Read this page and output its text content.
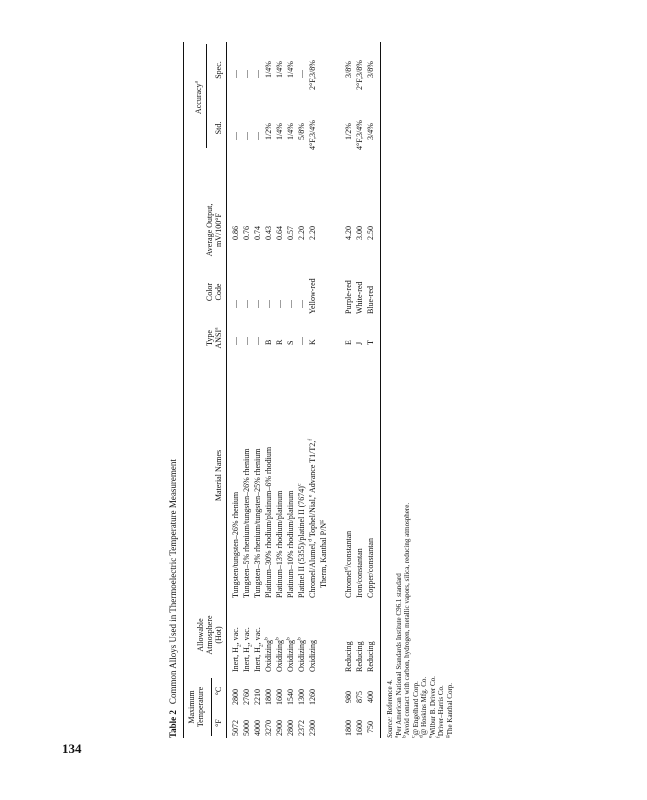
134
Table 2Common Alloys Used in Thermoelectric Temperature Measurement
Maximum Temperature °F
°C
Allowable Atmosphere (Hot)
Material Names
Type ANSI$^a$
Color Code
Average Output, mV/100°F
Accuracy$^a$
Std.
Spec.
5072
2800
Inert, $H_2$, vac.
Tungsten/tungsten–26% rhenium
—
—
0.86
—
—
5000
2760
Inert, $H_2$, vac.
Tungsten–5% rhenium/tungsten–26% rhenium
—
—
0.76
—
—
4000
2210
Inert, $H_2$, vac.
Tungsten–3% rhenium/tungsten–25% rhenium
—
—
0.74
—
—
3270
1800
Oxidizing$^b$
Platinum–30% rhodium/platinum–6% rhodium
B
—
0.43
1/2%
1/4%
2900
1600
Oxidizing$^b$
Platinum–13% rhodium/platinum
R
—
0.64
1/4%
1/4%
2800
1540
Oxidizing$^b$
Platinum–10% rhodium/platinum
S
—
0.57
1/4%
1/4%
2372
1300
Oxidizing$^b$
Platinel II (5355)/platinel II $(7674)^c$
—
—
2.20
5/8%
—
2300
1260
Oxidizing
Chromel/Alumel,$^d$ Tophel/Nial,$^e$ Advance T1/T2,$^f$
Therm, Kanthal $P/N^g$
K
Yellow-red
2.20
4°F,3/4%
2°F,3/8%
1800
980
Reducing
Chromel$^d$/constantan
E
Purple-red
4.20
1/2%
3/8%
1600
875
Reducing
Iron/constantan
J
White-red
3.00
4°F,3/4%
2°F,3/8%
750
400
Reducing
Copper/constantan
T
Blue-red
2.50
3/4%
3/8%
Source: Reference 4.
$^a$Per American National Standards Institute C96.1 standard
$^b$Avoid contact with carbon, hydrogen, metallic vapors, silica, reducing atmosphere.
$^c$@ Engelhard Corp.
$^d$@ Hoskins Mfg. Co.
$^e$Wilbur B. Driver Co.
$^f$Driver–Harris Co.
$^g$The Kanthal Corp.
